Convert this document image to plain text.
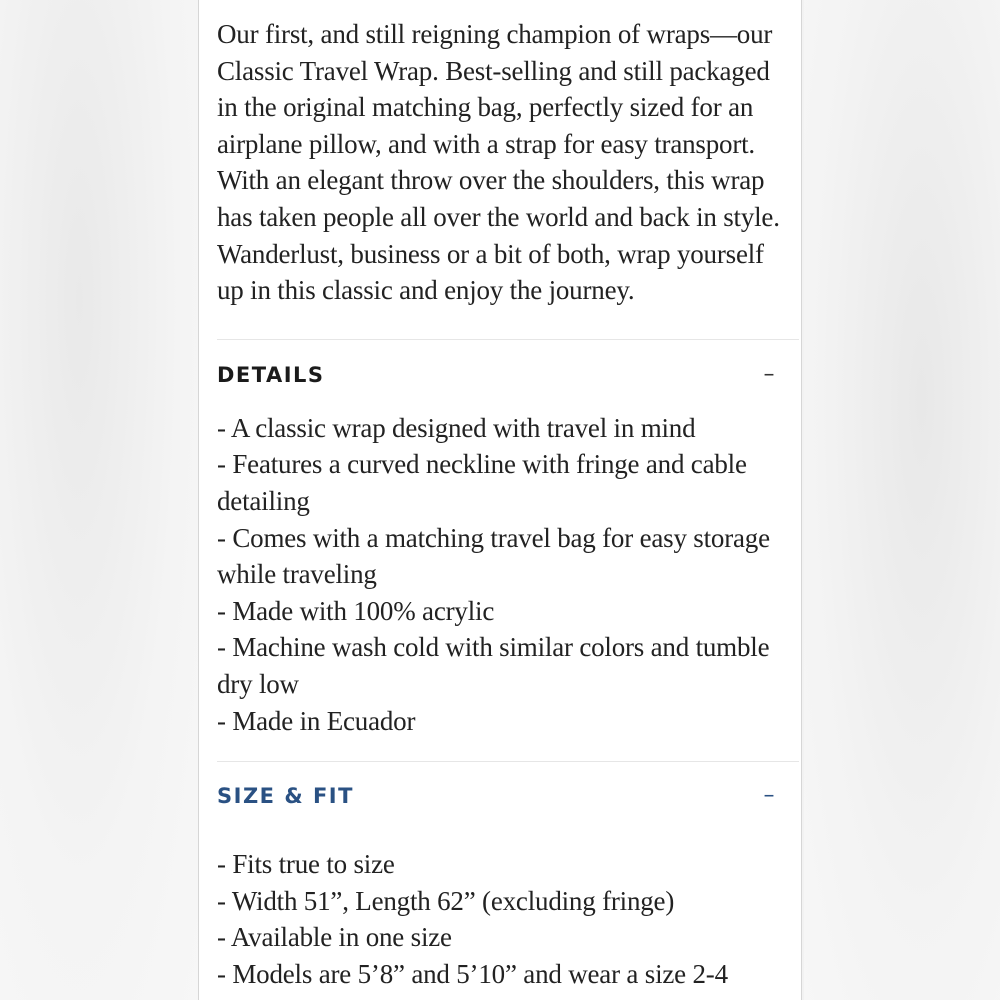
Our first, and still reigning champion of wraps—our Classic Travel Wrap. Best-selling and still packaged in the original matching bag, perfectly sized for an airplane pillow, and with a strap for easy transport. With an elegant throw over the shoulders, this wrap has taken people all over the world and back in style. Wanderlust, business or a bit of both, wrap yourself up in this classic and enjoy the journey.

DETAILS	–
- A classic wrap designed with travel in mind
- Features a curved neckline with fringe and cable detailing
- Comes with a matching travel bag for easy storage while traveling
- Made with 100% acrylic
- Machine wash cold with similar colors and tumble dry low
- Made in Ecuador
SIZE & FIT	–
- Fits true to size
- Width 51”, Length 62” (excluding fringe)
- Available in one size
- Models are 5’8” and 5’10” and wear a size 2-4
